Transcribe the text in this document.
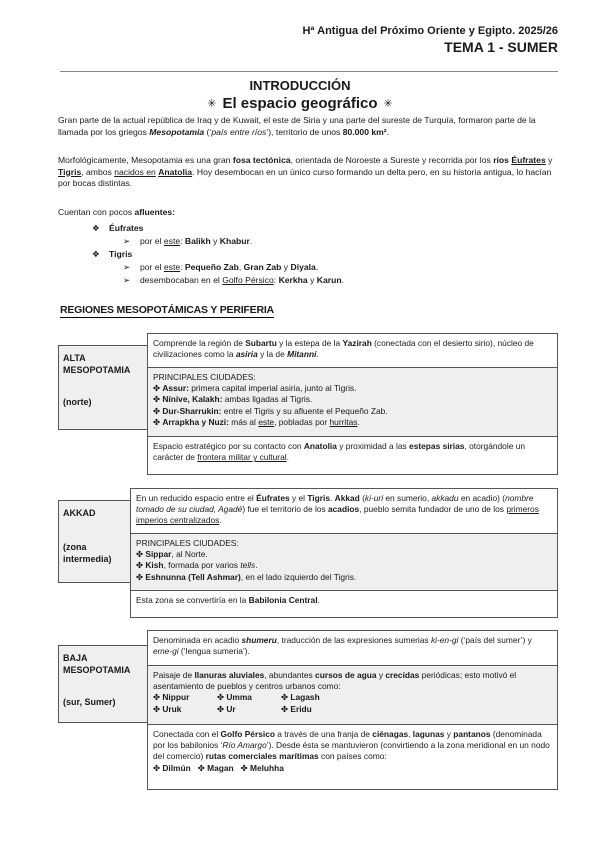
Hª Antigua del Próximo Oriente y Egipto. 2025/26
TEMA 1 - SUMER
INTRODUCCIÓN
✳ El espacio geográfico ✳

Gran parte de la actual república de Iraq y de Kuwait, el este de Siria y una parte del sureste de Turquía, formaron parte de la llamada por los griegos Mesopotamia (‘país entre ríos’), territorio de unos 80.000 km².

Morfológicamente, Mesopotamia es una gran fosa tectónica, orientada de Noroeste a Sureste y recorrida por los ríos Éufrates y Tigris, ambos nacidos en Anatolia. Hoy desembocan en un único curso formando un delta pero, en su historia antigua, lo hacían por bocas distintas.

Cuentan con pocos afluentes:

❖ Éufrates
➢ por el este: Balikh y Khabur.
❖ Tigris
➢ por el este: Pequeño Zab, Gran Zab y Diyala.
➢ desembocaban en el Golfo Pérsico: Kerkha y Karun.
REGIONES MESOPOTÁMICAS Y PERIFERIA
ALTA
MESOPOTAMIA
(norte)

Comprende la región de Subartu y la estepa de la Yazirah (conectada con el desierto sirio), núcleo de civilizaciones como la asiria y la de Mitanni.

PRINCIPALES CIUDADES:

✤ Assur: primera capital imperial asiria, junto al Tigris.

✤ Nínive, Kalakh: ambas ligadas al Tigris.

✤ Dur-Sharrukin: entre el Tigris y su afluente el Pequeño Zab.

✤ Arrapkha y Nuzi: más al este, pobladas por hurritas.

Espacio estratégico por su contacto con Anatolia y proximidad a las estepas sirias, otorgándole un carácter de frontera militar y cultural.

AKKAD
(zona
intermedia)

En un reducido espacio entre el Éufrates y el Tigris. Akkad (ki-uri en sumerio, akkadu en acadio) (nombre tomado de su ciudad, Agadé) fue el territorio de los acadios, pueblo semita fundador de uno de los primeros imperios centralizados.

PRINCIPALES CIUDADES:

✤ Sippar, al Norte.

✤ Kish, formada por varios tells.

✤ Eshnunna (Tell Ashmar), en el lado izquierdo del Tigris.

Esta zona se convertiría en la Babilonia Central.

BAJA
MESOPOTAMIA
(sur, Sumer)

Denominada en acadio shumeru, traducción de las expresiones sumerias ki-en-gi (‘país del sumer’) y eme-gi (‘lengua sumeria’).

Paisaje de llanuras aluviales, abundantes cursos de agua y crecidas periódicas; esto motivó el asentamiento de pueblos y centros urbanos como:

✤ Nippur	✤ Umma	✤ Lagash
✤ Uruk	✤ Ur	✤ Eridu

Conectada con el Golfo Pérsico a través de una franja de ciénagas, lagunas y pantanos (denominada por los babilonios ‘Río Amargo’). Desde ésta se mantuvieron (convirtiendo a la zona meridional en un nodo del comercio) rutas comerciales marítimas con países como:

✤ Dilmún ✤ Magan ✤ Meluhha
